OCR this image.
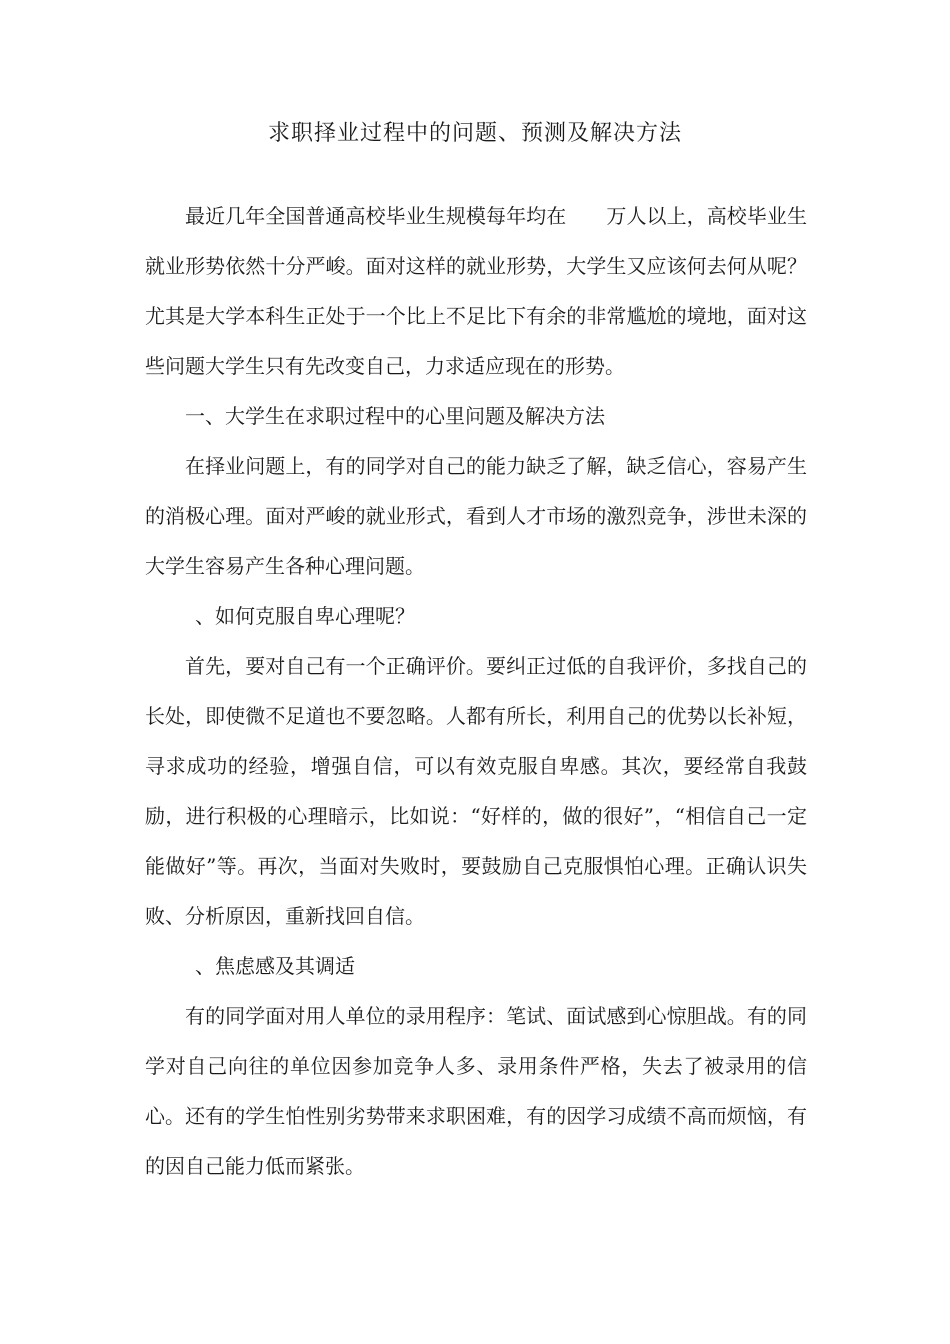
求职择业过程中的问题、预测及解决方法

最近几年全国普通高校毕业生规模每年均在　　万人以上，高校毕业生就业形势依然十分严峻。面对这样的就业形势，大学生又应该何去何从呢？尤其是大学本科生正处于一个比上不足比下有余的非常尴尬的境地，面对这些问题大学生只有先改变自己，力求适应现在的形势。

一、大学生在求职过程中的心里问题及解决方法

在择业问题上，有的同学对自己的能力缺乏了解，缺乏信心，容易产生的消极心理。面对严峻的就业形式，看到人才市场的激烈竞争，涉世未深的大学生容易产生各种心理问题。

、如何克服自卑心理呢？

首先，要对自己有一个正确评价。要纠正过低的自我评价，多找自己的长处，即使微不足道也不要忽略。人都有所长，利用自己的优势以长补短，寻求成功的经验，增强自信，可以有效克服自卑感。其次，要经常自我鼓励，进行积极的心理暗示，比如说：“好样的，做的很好”，“相信自己一定能做好”等。再次，当面对失败时，要鼓励自己克服惧怕心理。正确认识失败、分析原因，重新找回自信。

、焦虑感及其调适

有的同学面对用人单位的录用程序：笔试、面试感到心惊胆战。有的同学对自己向往的单位因参加竞争人多、录用条件严格，失去了被录用的信心。还有的学生怕性别劣势带来求职困难，有的因学习成绩不高而烦恼，有的因自己能力低而紧张。
